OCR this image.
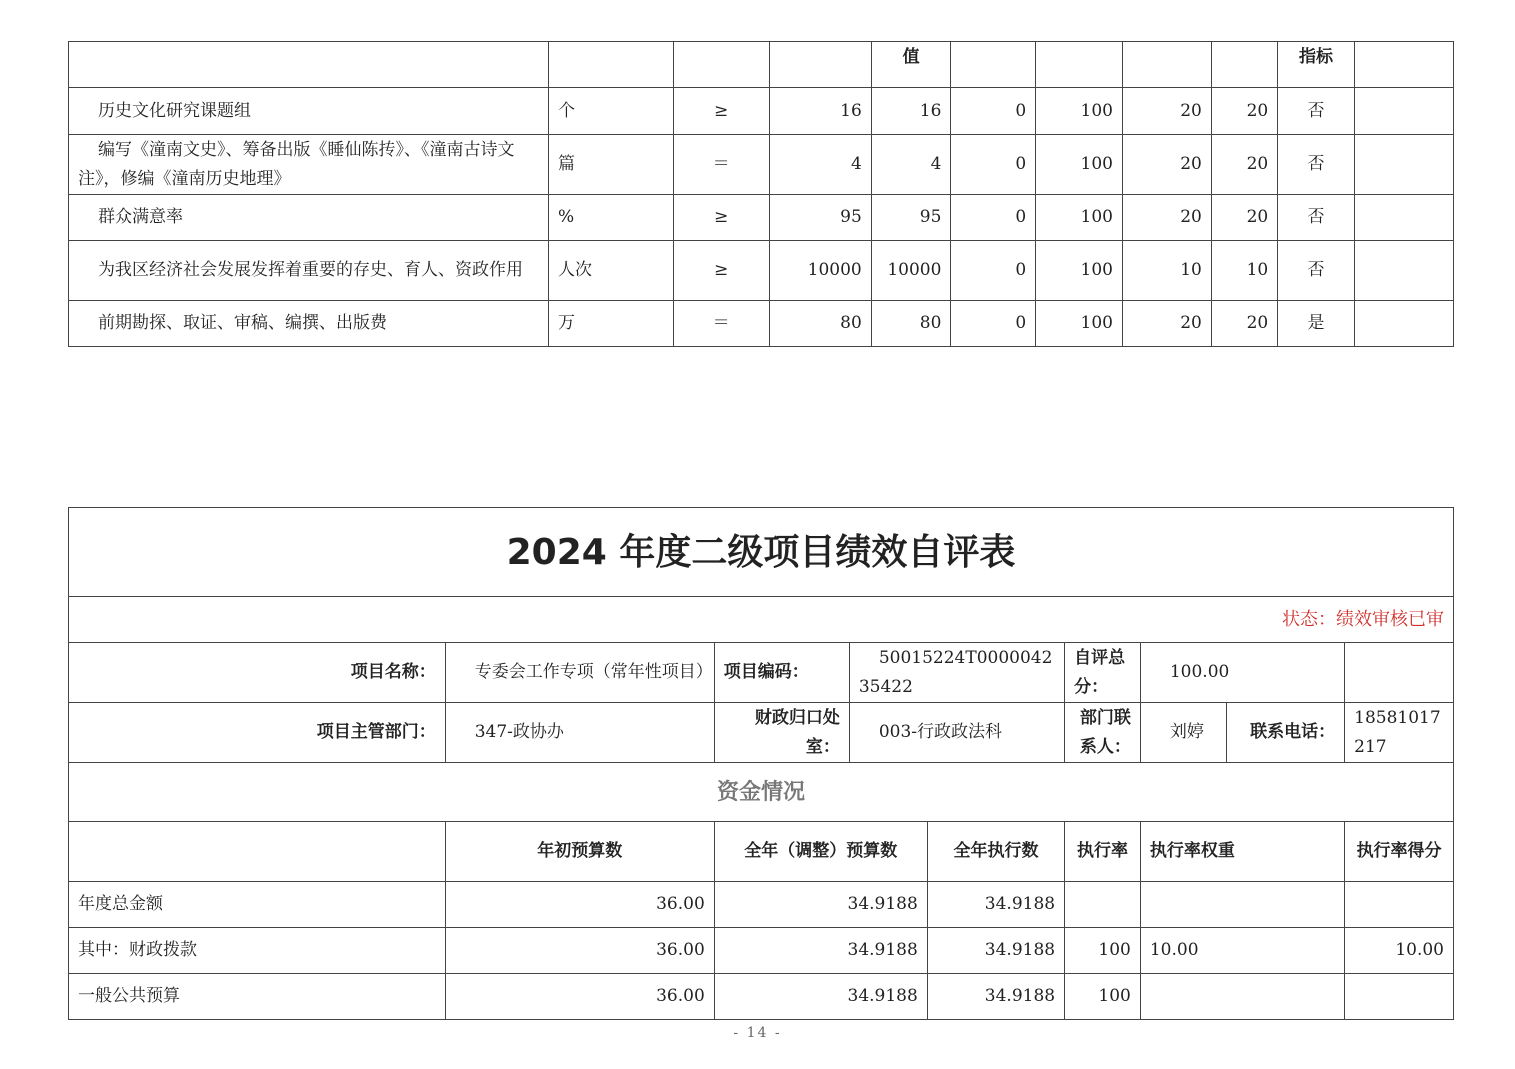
				值					指标	
历史文化研究课题组	个	≥	16	16	0	100	20	20	否	
编写《潼南文史》、筹备出版《睡仙陈抟》、《潼南古诗文注》，修编《潼南历史地理》	篇	＝	4	4	0	100	20	20	否	
群众满意率	%	≥	95	95	0	100	20	20	否	
为我区经济社会发展发挥着重要的存史、育人、资政作用	人次	≥	10000	10000	0	100	10	10	否	
前期勘探、取证、审稿、编撰、出版费	万	＝	80	80	0	100	20	20	是	
2024 年度二级项目绩效自评表								
状态：绩效审核已审								
项目名称：	专委会工作专项（常年性项目）	项目编码：	50015224T000004235422		自评总分：	100.00		
项目主管部门：	347-政协办	财政归口处室：	003-行政政法科		部门联系人：	刘婷	联系电话：	18581017217
资金情况								
	年初预算数	全年（调整）预算数		全年执行数	执行率	执行率权重		执行率得分
年度总金额	36.00	34.9188		34.9188				
其中：财政拨款	36.00	34.9188		34.9188	100	10.00		10.00
一般公共预算	36.00	34.9188		34.9188	100			
- 14 -
